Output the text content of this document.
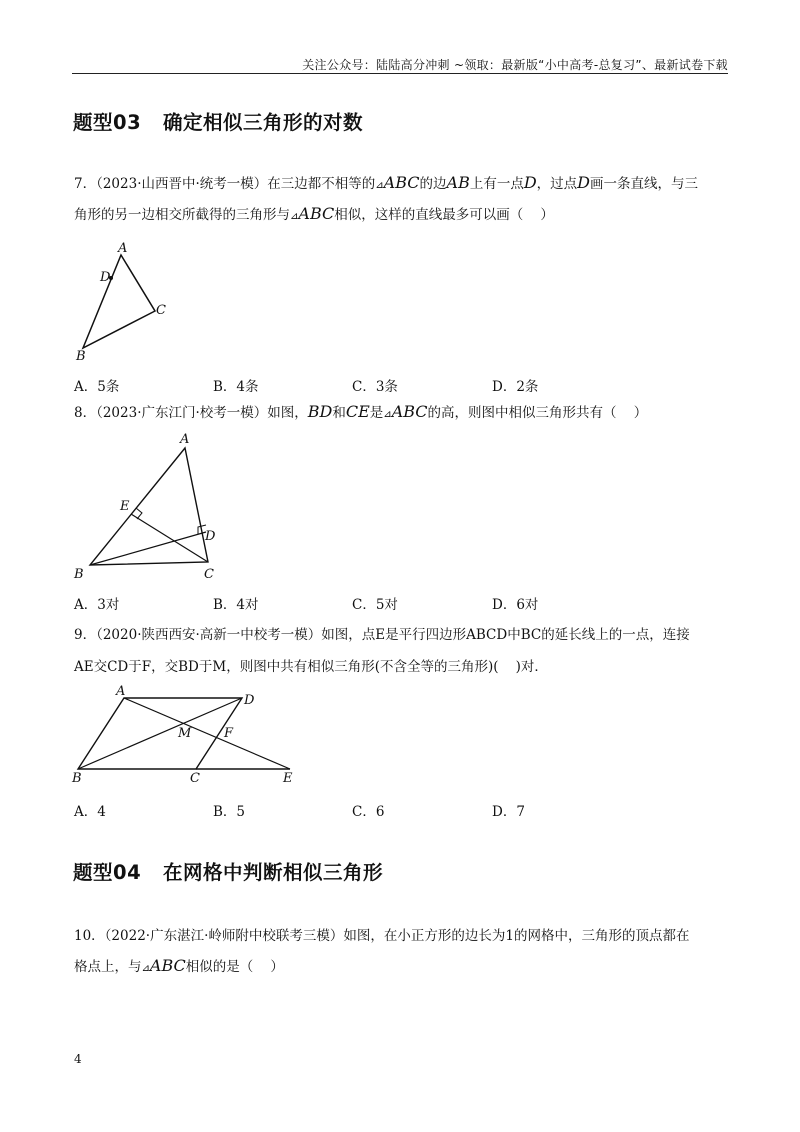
关注公众号：陆陆高分冲刺 ~领取：最新版“小中高考-总复习”、最新试卷下载
题型03   确定相似三角形的对数
7．（2023·山西晋中·统考一模）在三边都不相等的⊿ABC的边AB上有一点D，过点D画一条直线，与三
角形的另一边相交所截得的三角形与⊿ABC相似，这样的直线最多可以画（    ）
A
D
C
B
A．5条	B．4条	C．3条	D．2条
8．（2023·广东江门·校考一模）如图，BD和CE是⊿ABC的高，则图中相似三角形共有（    ）
A
E
D
B	C
A．3对	B．4对	C．5对	D．6对
9．（2020·陕西西安·高新一中校考一模）如图，点E是平行四边形ABCD中BC的延长线上的一点，连接
AE交CD于F，交BD于M，则图中共有相似三角形(不含全等的三角形)(    )对．
A
D
M	F
B	C	E
A．4	B．5	C．6	D．7
题型04   在网格中判断相似三角形
10．（2022·广东湛江·岭师附中校联考三模）如图，在小正方形的边长为1的网格中，三角形的顶点都在
格点上，与⊿ABC相似的是（    ）
4
